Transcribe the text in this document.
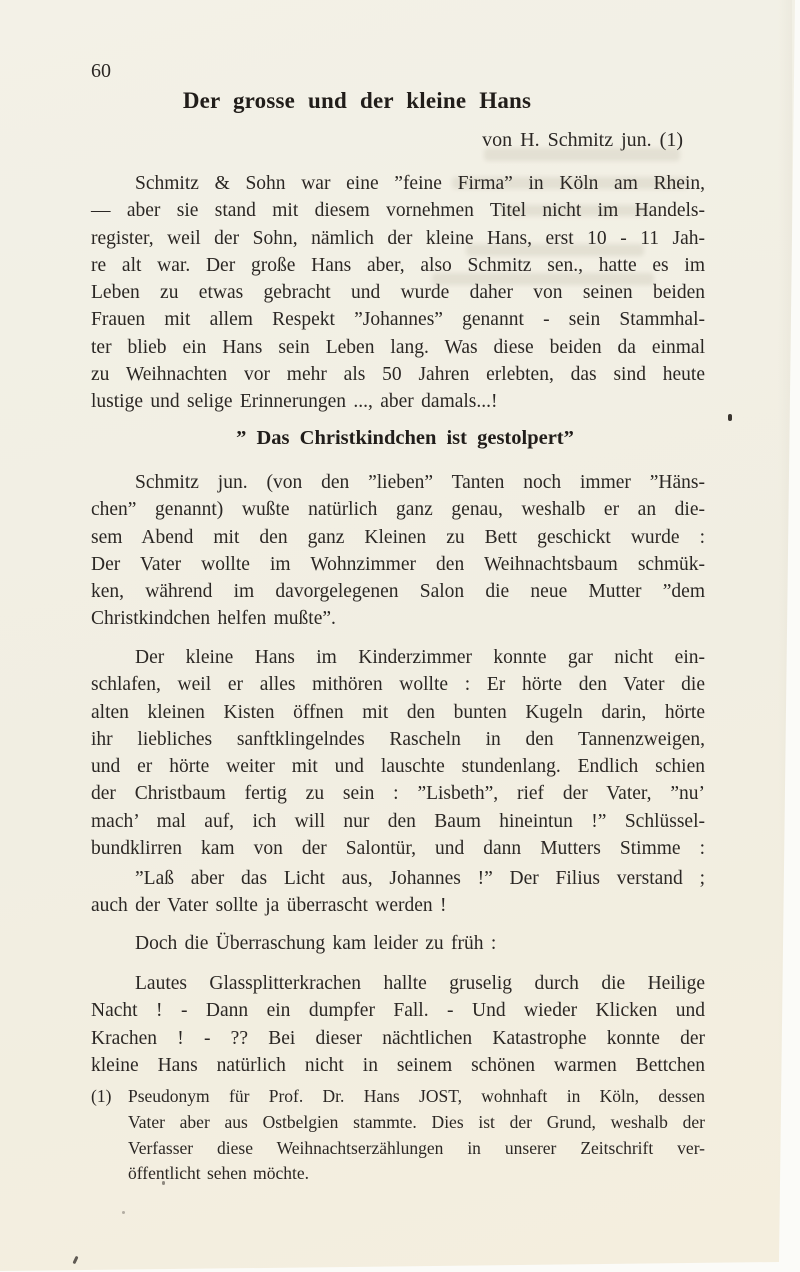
60
Der grosse und der kleine Hans
von H. Schmitz jun. (1)
” Das Christkindchen ist gestolpert”
Schmitz & Sohn war eine ”feine Firma” in Köln am Rhein,
— aber sie stand mit diesem vornehmen Titel nicht im Handels-
register, weil der Sohn, nämlich der kleine Hans, erst 10 - 11 Jah-
re alt war. Der große Hans aber, also Schmitz sen., hatte es im
Leben zu etwas gebracht und wurde daher von seinen beiden
Frauen mit allem Respekt ”Johannes” genannt - sein Stammhal-
ter blieb ein Hans sein Leben lang. Was diese beiden da einmal
zu Weihnachten vor mehr als 50 Jahren erlebten, das sind heute
lustige und selige Erinnerungen ..., aber damals...!
Schmitz jun. (von den ”lieben” Tanten noch immer ”Häns-
chen” genannt) wußte natürlich ganz genau, weshalb er an die-
sem Abend mit den ganz Kleinen zu Bett geschickt wurde :
Der Vater wollte im Wohnzimmer den Weihnachtsbaum schmük-
ken, während im davorgelegenen Salon die neue Mutter ”dem
Christkindchen helfen mußte”.
Der kleine Hans im Kinderzimmer konnte gar nicht ein-
schlafen, weil er alles mithören wollte : Er hörte den Vater die
alten kleinen Kisten öffnen mit den bunten Kugeln darin, hörte
ihr liebliches sanftklingelndes Rascheln in den Tannenzweigen,
und er hörte weiter mit und lauschte stundenlang. Endlich schien
der Christbaum fertig zu sein : ”Lisbeth”, rief der Vater, ”nu’
mach’ mal auf, ich will nur den Baum hineintun !” Schlüssel-
bundklirren kam von der Salontür, und dann Mutters Stimme :
”Laß aber das Licht aus, Johannes !” Der Filius verstand ;
auch der Vater sollte ja überrascht werden !
Doch die Überraschung kam leider zu früh :
Lautes Glassplitterkrachen hallte gruselig durch die Heilige
Nacht ! - Dann ein dumpfer Fall. - Und wieder Klicken und
Krachen ! - ?? Bei dieser nächtlichen Katastrophe konnte der
kleine Hans natürlich nicht in seinem schönen warmen Bettchen
(1) Pseudonym für Prof. Dr. Hans JOST, wohnhaft in Köln, dessen
Vater aber aus Ostbelgien stammte. Dies ist der Grund, weshalb der
Verfasser diese Weihnachtserzählungen in unserer Zeitschrift ver-
öffentlicht sehen möchte.
